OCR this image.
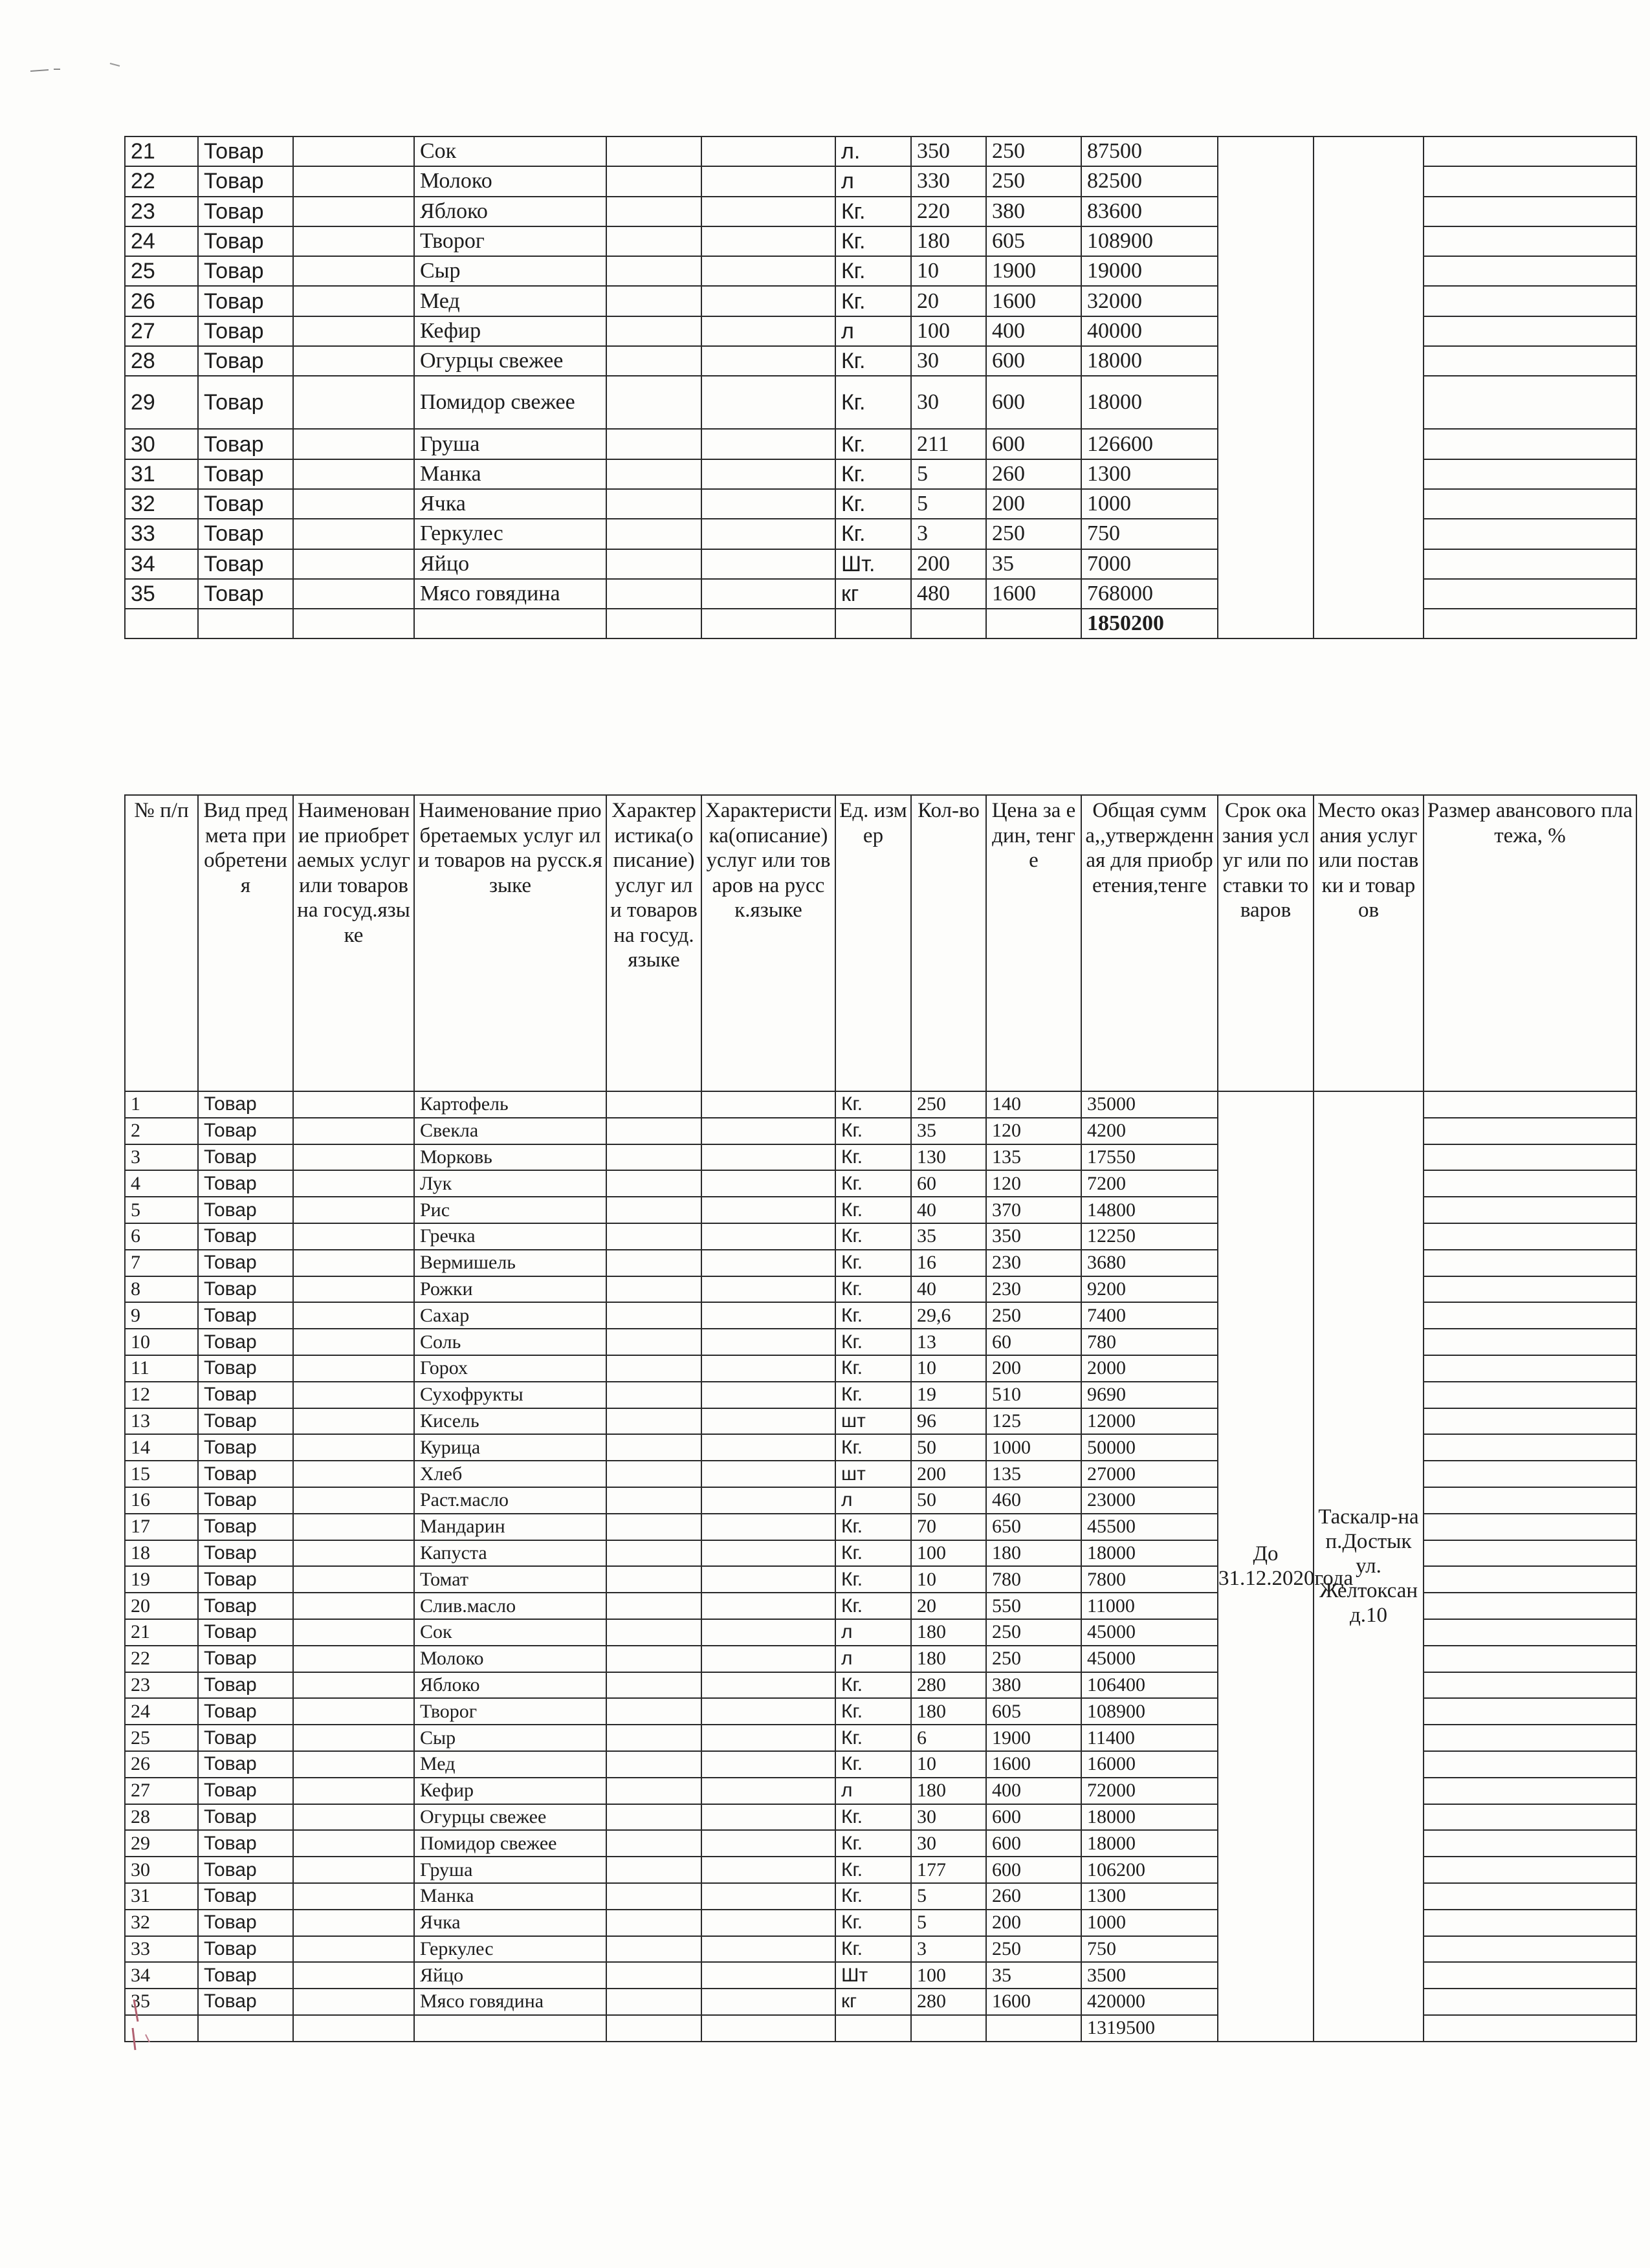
21	Товар		Сок			л.	350	250	87500			
22	Товар		Молоко			л	330	250	82500			
23	Товар		Яблоко			Кг.	220	380	83600			
24	Товар		Творог			Кг.	180	605	108900			
25	Товар		Сыр			Кг.	10	1900	19000			
26	Товар		Мед			Кг.	20	1600	32000			
27	Товар		Кефир			л	100	400	40000			
28	Товар		Огурцы свежее			Кг.	30	600	18000			
29	Товар		Помидор свежее			Кг.	30	600	18000			
30	Товар		Груша			Кг.	211	600	126600			
31	Товар		Манка			Кг.	5	260	1300			
32	Товар		Ячка			Кг.	5	200	1000			
33	Товар		Геркулес			Кг.	3	250	750			
34	Товар		Яйцо			Шт.	200	35	7000			
35	Товар		Мясо говядина			кг	480	1600	768000			
									1850200			
№ п/п	Вид предмета приобретения	Наименование приобретаемых услуг или товаров на госуд.языке	Наименование приобретаемых услуг или товаров на русск.языке	Характеристика(описание) услуг или товаров на госуд. языке	Характеристика(описание) услуг или товаров на русск.языке	Ед. измер	Кол-во	Цена за един, тенге	Общая сумма,,утвержденная для приобретения,тенге	Срок оказания услуг или поставки товаров	Место оказания услуг или поставки и товаров	Размер авансового платежа, %
1	Товар		Картофель			Кг.	250	140	35000	До 31.12.2020года	Таскалр-на п.Достык ул. Желтоксан д.10	
2	Товар		Свекла			Кг.	35	120	4200			
3	Товар		Морковь			Кг.	130	135	17550			
4	Товар		Лук			Кг.	60	120	7200			
5	Товар		Рис			Кг.	40	370	14800			
6	Товар		Гречка			Кг.	35	350	12250			
7	Товар		Вермишель			Кг.	16	230	3680			
8	Товар		Рожки			Кг.	40	230	9200			
9	Товар		Сахар			Кг.	29,6	250	7400			
10	Товар		Соль			Кг.	13	60	780			
11	Товар		Горох			Кг.	10	200	2000			
12	Товар		Сухофрукты			Кг.	19	510	9690			
13	Товар		Кисель			шт	96	125	12000			
14	Товар		Курица			Кг.	50	1000	50000			
15	Товар		Хлеб			шт	200	135	27000			
16	Товар		Раст.масло			л	50	460	23000			
17	Товар		Мандарин			Кг.	70	650	45500			
18	Товар		Капуста			Кг.	100	180	18000			
19	Товар		Томат			Кг.	10	780	7800			
20	Товар		Слив.масло			Кг.	20	550	11000			
21	Товар		Сок			л	180	250	45000			
22	Товар		Молоко			л	180	250	45000			
23	Товар		Яблоко			Кг.	280	380	106400			
24	Товар		Творог			Кг.	180	605	108900			
25	Товар		Сыр			Кг.	6	1900	11400			
26	Товар		Мед			Кг.	10	1600	16000			
27	Товар		Кефир			л	180	400	72000			
28	Товар		Огурцы свежее			Кг.	30	600	18000			
29	Товар		Помидор свежее			Кг.	30	600	18000			
30	Товар		Груша			Кг.	177	600	106200			
31	Товар		Манка			Кг.	5	260	1300			
32	Товар		Ячка			Кг.	5	200	1000			
33	Товар		Геркулес			Кг.	3	250	750			
34	Товар		Яйцо			Шт	100	35	3500			
35	Товар		Мясо говядина			кг	280	1600	420000			
									1319500			
